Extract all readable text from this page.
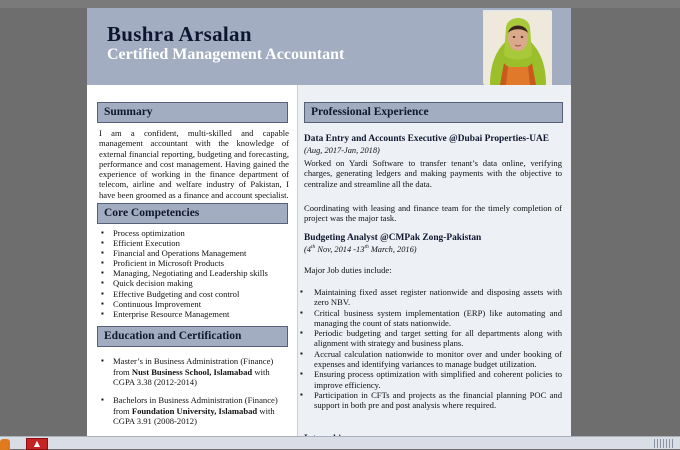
Bushra Arsalan
Certified Management Accountant
Summary
I am a confident, multi-skilled and capable management accountant with the knowledge of external financial reporting, budgeting and forecasting, performance and cost management. Having gained the experience of working in the finance department of telecom, airline and welfare industry of Pakistan, I have been groomed as a finance and account specialist.
Core Competencies
▪ Process optimization
▪ Efficient Execution
▪ Financial and Operations Management
▪ Proficient in Microsoft Products
▪ Managing, Negotiating and Leadership skills
▪ Quick decision making
▪ Effective Budgeting and cost control
▪ Continuous Improvement
▪ Enterprise Resource Management
Education and Certification
▪ Master’s in Business Administration (Finance)
from Nust Business School, Islamabad with
CGPA 3.38 (2012-2014)
▪ Bachelors in Business Administration (Finance)
from Foundation University, Islamabad with
CGPA 3.91 (2008-2012)
Professional Experience
Data Entry and Accounts Executive @Dubai Properties-UAE
(Aug, 2017-Jan, 2018)
Worked on Yardi Software to transfer tenant’s data online, verifying charges, generating ledgers and making payments with the objective to centralize and streamline all the data.
Coordinating with leasing and finance team for the timely completion of project was the major task.
Budgeting Analyst @CMPak Zong-Pakistan
(4th Nov, 2014 -13th March, 2016)
Major Job duties include:
▪ Maintaining fixed asset register nationwide and disposing assets with zero NBV.
▪ Critical business system implementation (ERP) like automating and managing the count of stats nationwide.
▪ Periodic budgeting and target setting for all departments along with alignment with strategy and business plans.
▪ Accrual calculation nationwide to monitor over and under booking of expenses and identifying variances to manage budget utilization.
▪ Ensuring process optimization with simplified and coherent policies to improve efficiency.
▪ Participation in CFTs and projects as the financial planning POC and support in both pre and post analysis where required.
▲
